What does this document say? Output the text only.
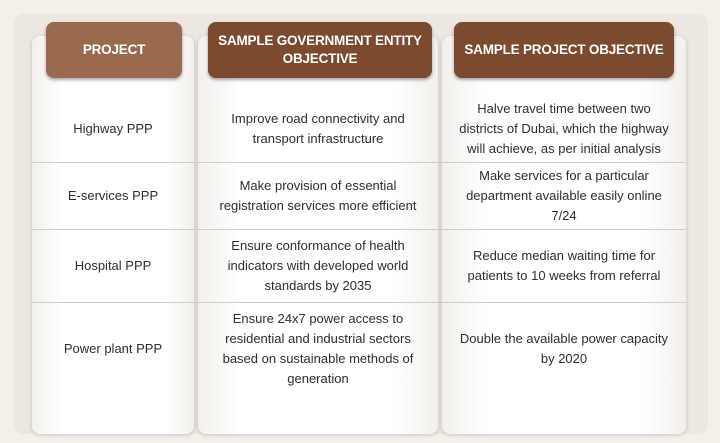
PROJECT
SAMPLE GOVERNMENT ENTITY OBJECTIVE
SAMPLE PROJECT OBJECTIVE
Highway PPP
Improve road connectivity and transport infrastructure
Halve travel time between two districts of Dubai, which the highway will achieve, as per initial analysis
E-services PPP
Make provision of essential registration services more efficient
Make services for a particular department available easily online 7/24
Hospital PPP
Ensure conformance of health indicators with developed world standards by 2035
Reduce median waiting time for patients to 10 weeks from referral
Power plant PPP
Ensure 24x7 power access to residential and industrial sectors based on sustainable methods of generation
Double the available power capacity by 2020
